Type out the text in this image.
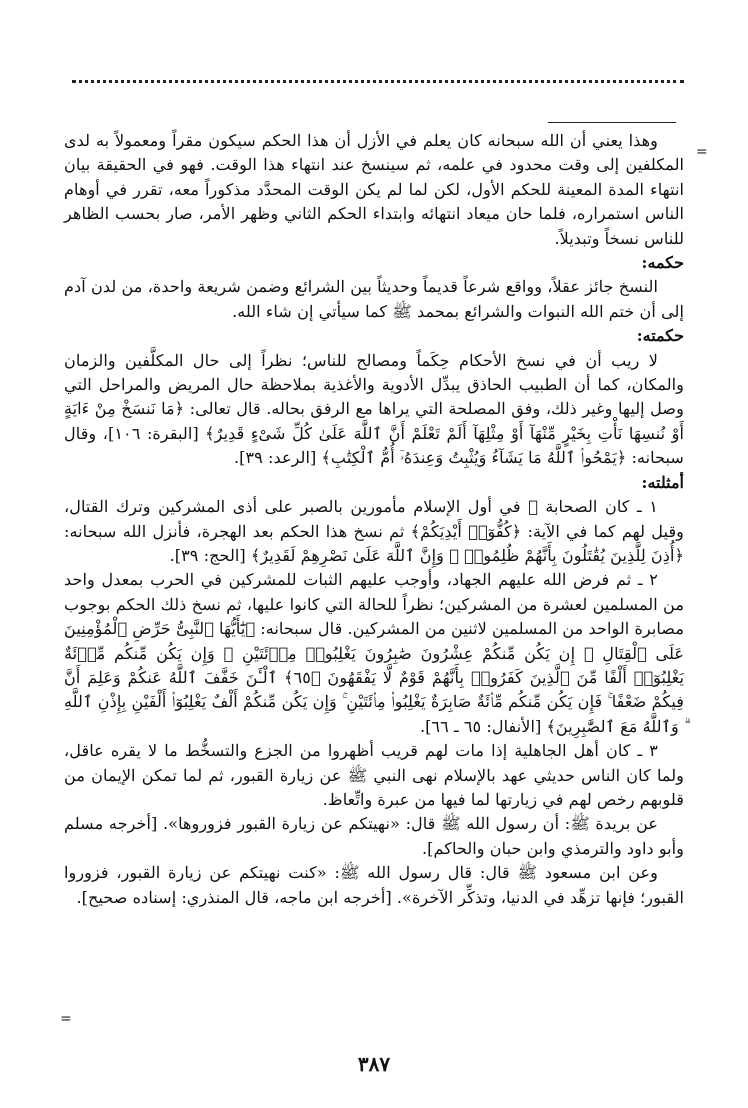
=

وهذا يعني أن الله سبحانه كان يعلم في الأزل أن هذا الحكم سيكون مقراً ومعمولاً به لدى المكلفين إلى وقت محدود في علمه، ثم سينسخ عند انتهاء هذا الوقت. فهو في الحقيقة بيان انتهاء المدة المعينة للحكم الأول، لكن لما لم يكن الوقت المحدَّد مذكوراً معه، تقرر في أوهام الناس استمراره، فلما حان ميعاد انتهائه وابتداء الحكم الثاني وظهر الأمر، صار بحسب الظاهر للناس نسخاً وتبديلاً.

حكمه:

النسخ جائز عقلاً، وواقع شرعاً قديماً وحديثاً بين الشرائع وضمن شريعة واحدة، من لدن آدم إلى أن ختم الله النبوات والشرائع بمحمد ﷺ كما سيأتي إن شاء الله.

حكمته:

لا ريب أن في نسخ الأحكام حِكَماً ومصالح للناس؛ نظراً إلى حال المكلَّفين والزمان والمكان، كما أن الطبيب الحاذق يبدِّل الأدوية والأغذية بملاحظة حال المريض والمراحل التي وصل إليها وغير ذلك، وفق المصلحة التي يراها مع الرفق بحاله. قال تعالى: ﴿مَا نَنسَخْ مِنْ ءَايَةٍ أَوْ نُنسِهَا نَأْتِ بِخَيْرٍ مِّنْهَآ أَوْ مِثْلِهَآ أَلَمْ تَعْلَمْ أَنَّ ٱللَّهَ عَلَىٰ كُلِّ شَىْءٍ قَدِيرٌ﴾ [البقرة: ١٠٦]، وقال سبحانه: ﴿يَمْحُوا۟ ٱللَّهُ مَا يَشَآءُ وَيُثْبِتُ وَعِندَهُۥٓ أُمُّ ٱلْكِتَٰبِ﴾ [الرعد: ٣٩].

أمثلته:

١ ـ كان الصحابة ﷺ في أول الإسلام مأمورين بالصبر على أذى المشركين وترك القتال، وقيل لهم كما في الآية: ﴿كُفُّوٓا۟ أَيْدِيَكُمْ﴾ ثم نسخ هذا الحكم بعد الهجرة، فأنزل الله سبحانه: ﴿أُذِنَ لِلَّذِينَ يُقَٰتَلُونَ بِأَنَّهُمْ ظُلِمُوا۟ ۚ وَإِنَّ ٱللَّهَ عَلَىٰ نَصْرِهِمْ لَقَدِيرٌ﴾ [الحج: ٣٩].

٢ ـ ثم فرض الله عليهم الجهاد، وأوجب عليهم الثبات للمشركين في الحرب بمعدل واحد من المسلمين لعشرة من المشركين؛ نظراً للحالة التي كانوا عليها، ثم نسخ ذلك الحكم بوجوب مصابرة الواحد من المسلمين لاثنين من المشركين. قال سبحانه: ﴿يَٰٓأَيُّهَا ٱلنَّبِىُّ حَرِّضِ ٱلْمُؤْمِنِينَ عَلَى ٱلْقِتَالِ ۚ إِن يَكُن مِّنكُمْ عِشْرُونَ صَٰبِرُونَ يَغْلِبُوا۟ مِا۟ئَتَيْنِ ۚ وَإِن يَكُن مِّنكُم مِّا۟ئَةٌ يَغْلِبُوٓا۟ أَلْفًا مِّنَ ٱلَّذِينَ كَفَرُوا۟ بِأَنَّهُمْ قَوْمٌ لَّا يَفْقَهُونَ ﴿٦٥﴾ ٱلْـَٔنَ خَفَّفَ ٱللَّهُ عَنكُمْ وَعَلِمَ أَنَّ فِيكُمْ ضَعْفًا ۚ فَإِن يَكُن مِّنكُم مِّا۟ئَةٌ صَابِرَةٌ يَغْلِبُوا۟ مِا۟ئَتَيْنِ ۚ وَإِن يَكُن مِّنكُمْ أَلْفٌ يَغْلِبُوٓا۟ أَلْفَيْنِ بِإِذْنِ ٱللَّهِ ۗ وَٱللَّهُ مَعَ ٱلصَّٰبِرِينَ﴾ [الأنفال: ٦٥ ـ ٦٦].

٣ ـ كان أهل الجاهلية إذا مات لهم قريب أظهروا من الجزع والتسخُّط ما لا يقره عاقل، ولما كان الناس حديثي عهد بالإسلام نهى النبي ﷺ عن زيارة القبور، ثم لما تمكن الإيمان من قلوبهم رخص لهم في زيارتها لما فيها من عبرة واتِّعاظ.

عن بريدة ﷺ: أن رسول الله ﷺ قال: «نهيتكم عن زيارة القبور فزوروها». [أخرجه مسلم وأبو داود والترمذي وابن حبان والحاكم].

وعن ابن مسعود ﷺ قال: قال رسول الله ﷺ: «كنت نهيتكم عن زيارة القبور، فزوروا القبور؛ فإنها تزهِّد في الدنيا، وتذكِّر الآخرة». [أخرجه ابن ماجه، قال المنذري: إسناده صحيح].

=
٣٨٧
